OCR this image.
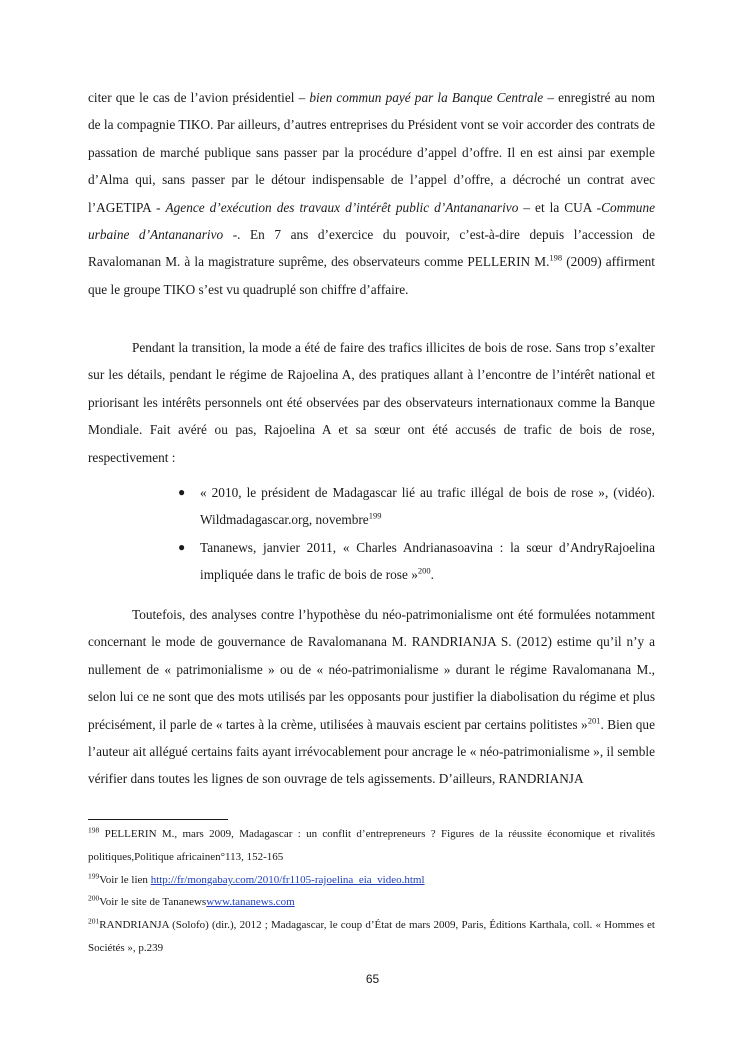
citer que le cas de l’avion présidentiel – bien commun payé par la Banque Centrale – enregistré au nom de la compagnie TIKO. Par ailleurs, d’autres entreprises du Président vont se voir accorder des contrats de passation de marché publique sans passer par la procédure d’appel d’offre. Il en est ainsi par exemple d’Alma qui, sans passer par le détour indispensable de l’appel d’offre, a décroché un contrat avec l’AGETIPA - Agence d’exécution des travaux d’intérêt public d’Antananarivo – et la CUA -Commune urbaine d’Antananarivo -. En 7 ans d’exercice du pouvoir, c’est-à-dire depuis l’accession de Ravalomanan M. à la magistrature suprême, des observateurs comme PELLERIN M.$^{198}$ (2009) affirment que le groupe TIKO s’est vu quadruplé son chiffre d’affaire.

Pendant la transition, la mode a été de faire des trafics illicites de bois de rose. Sans trop s’exalter sur les détails, pendant le régime de Rajoelina A, des pratiques allant à l’encontre de l’intérêt national et priorisant les intérêts personnels ont été observées par des observateurs internationaux comme la Banque Mondiale. Fait avéré ou pas, Rajoelina A et sa sœur ont été accusés de trafic de bois de rose, respectivement :

● « 2010, le président de Madagascar lié au trafic illégal de bois de rose », (vidéo). Wildmadagascar.org, novembre$^{199}$
● Tananews, janvier 2011, « Charles Andrianasoavina : la sœur d’AndryRajoelina impliquée dans le trafic de bois de rose »$^{200}$.

Toutefois, des analyses contre l’hypothèse du néo-patrimonialisme ont été formulées notamment concernant le mode de gouvernance de Ravalomanana M. RANDRIANJA S. (2012) estime qu’il n’y a nullement de « patrimonialisme » ou de « néo-patrimonialisme » durant le régime Ravalomanana M., selon lui ce ne sont que des mots utilisés par les opposants pour justifier la diabolisation du régime et plus précisément, il parle de « tartes à la crème, utilisées à mauvais escient par certains politistes »$^{201}$. Bien que l’auteur ait allégué certains faits ayant irrévocablement pour ancrage le « néo-patrimonialisme », il semble vérifier dans toutes les lignes de son ouvrage de tels agissements. D’ailleurs, RANDRIANJA

$^{198}$ PELLERIN M., mars 2009, Madagascar : un conflit d’entrepreneurs ? Figures de la réussite économique et rivalités politiques,Politique africainen°113, 152-165

$^{199}$Voir le lien http://fr/mongabay.com/2010/fr1105-rajoelina_eia_video.html

$^{200}$Voir le site de Tananewswww.tananews.com

$^{201}$RANDRIANJA (Solofo) (dir.), 2012 ; Madagascar, le coup d’État de mars 2009, Paris, Éditions Karthala, coll. « Hommes et Sociétés », p.239

65
